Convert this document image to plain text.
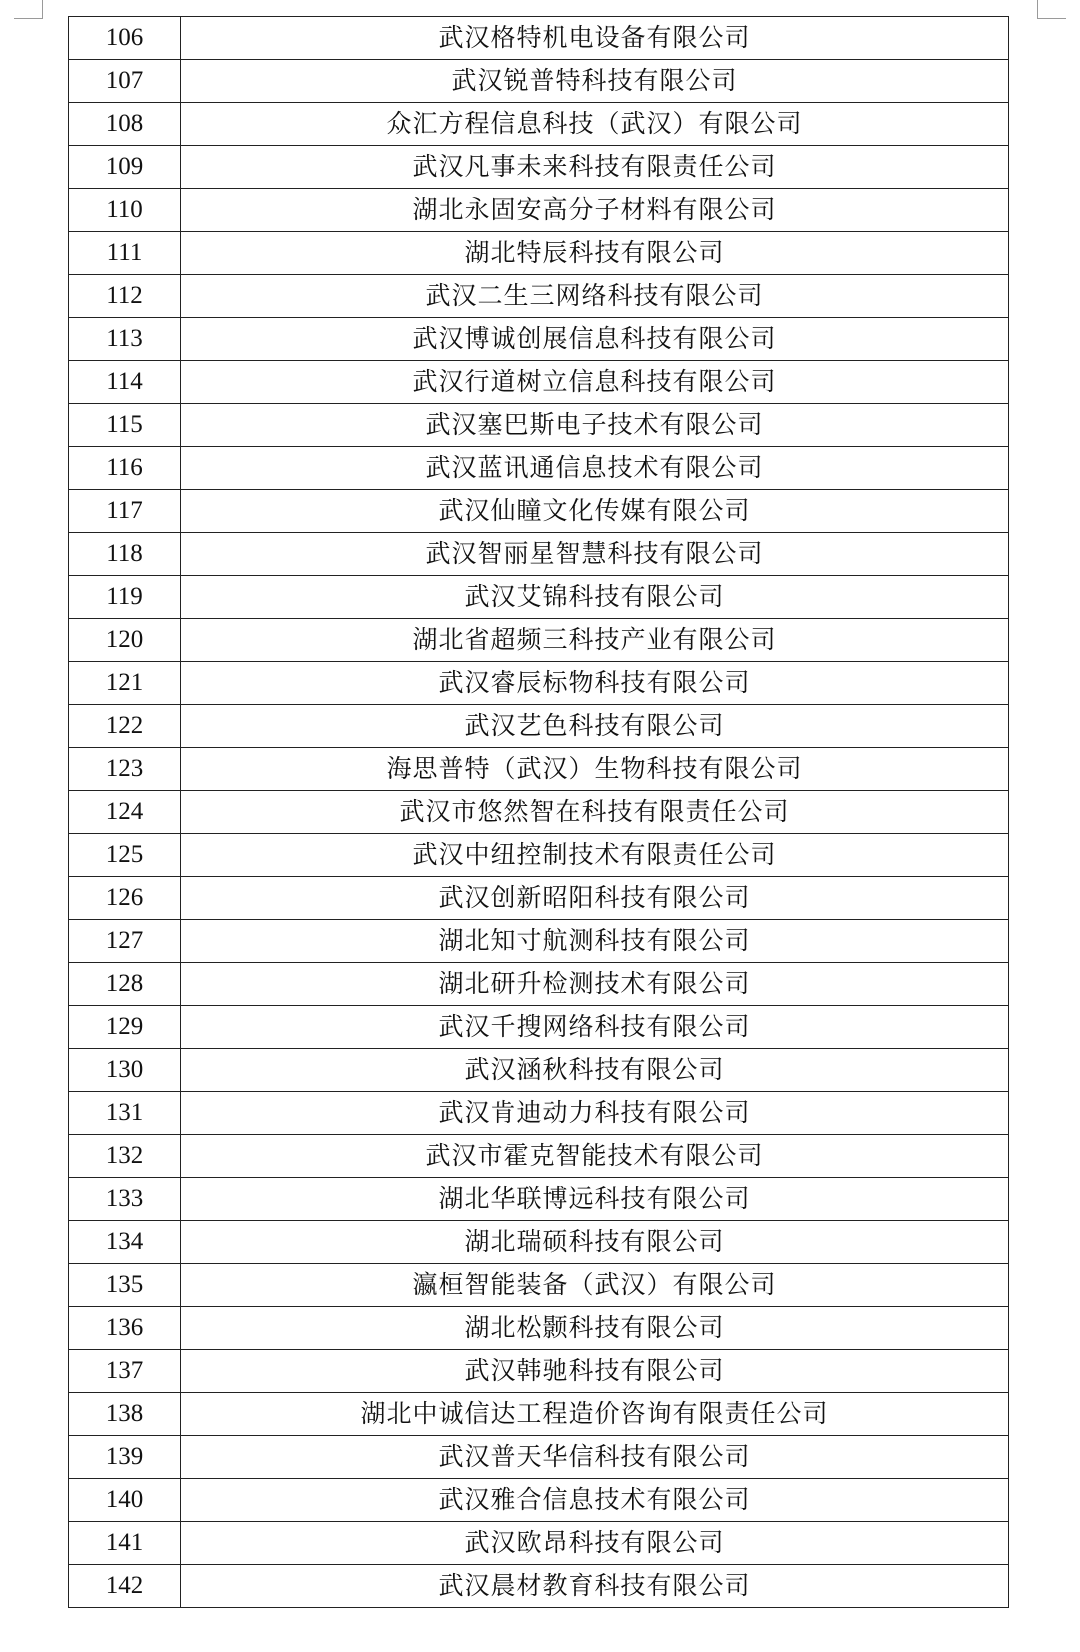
106	武汉格特机电设备有限公司
107	武汉锐普特科技有限公司
108	众汇方程信息科技（武汉）有限公司
109	武汉凡事未来科技有限责任公司
110	湖北永固安高分子材料有限公司
111	湖北特辰科技有限公司
112	武汉二生三网络科技有限公司
113	武汉博诚创展信息科技有限公司
114	武汉行道树立信息科技有限公司
115	武汉塞巴斯电子技术有限公司
116	武汉蓝讯通信息技术有限公司
117	武汉仙瞳文化传媒有限公司
118	武汉智丽星智慧科技有限公司
119	武汉艾锦科技有限公司
120	湖北省超频三科技产业有限公司
121	武汉睿辰标物科技有限公司
122	武汉艺色科技有限公司
123	海思普特（武汉）生物科技有限公司
124	武汉市悠然智在科技有限责任公司
125	武汉中纽控制技术有限责任公司
126	武汉创新昭阳科技有限公司
127	湖北知寸航测科技有限公司
128	湖北研升检测技术有限公司
129	武汉千搜网络科技有限公司
130	武汉涵秋科技有限公司
131	武汉肯迪动力科技有限公司
132	武汉市霍克智能技术有限公司
133	湖北华联博远科技有限公司
134	湖北瑞硕科技有限公司
135	瀛桓智能装备（武汉）有限公司
136	湖北松颢科技有限公司
137	武汉韩驰科技有限公司
138	湖北中诚信达工程造价咨询有限责任公司
139	武汉普天华信科技有限公司
140	武汉雅合信息技术有限公司
141	武汉欧昂科技有限公司
142	武汉晨材教育科技有限公司
